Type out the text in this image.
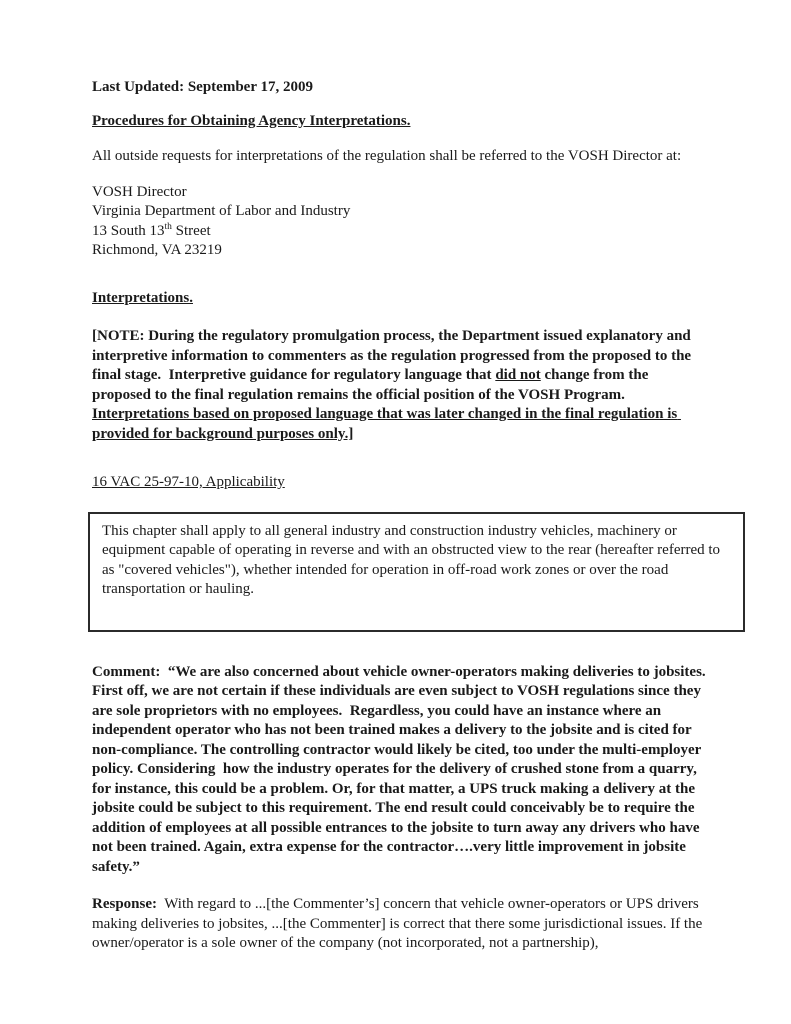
Last Updated: September 17, 2009

Procedures for Obtaining Agency Interpretations.

All outside requests for interpretations of the regulation shall be referred to the VOSH Director at:

VOSH Director
Virginia Department of Labor and Industry
13 South 13th Street
Richmond, VA 23219

Interpretations.

[NOTE: During the regulatory promulgation process, the Department issued explanatory and interpretive information to commenters as the regulation progressed from the proposed to the final stage.  Interpretive guidance for regulatory language that did not change from the proposed to the final regulation remains the official position of the VOSH Program.  Interpretations based on proposed language that was later changed in the final regulation is provided for background purposes only.]

16 VAC 25-97-10, Applicability

This chapter shall apply to all general industry and construction industry vehicles, machinery or equipment capable of operating in reverse and with an obstructed view to the rear (hereafter referred to as "covered vehicles"), whether intended for operation in off-road work zones or over the road transportation or hauling.

Comment:  “We are also concerned about vehicle owner-operators making deliveries to jobsites. First off, we are not certain if these individuals are even subject to VOSH regulations since they are sole proprietors with no employees.  Regardless, you could have an instance where an independent operator who has not been trained makes a delivery to the jobsite and is cited for non-compliance. The controlling contractor would likely be cited, too under the multi-employer policy. Considering  how the industry operates for the delivery of crushed stone from a quarry, for instance, this could be a problem. Or, for that matter, a UPS truck making a delivery at the jobsite could be subject to this requirement. The end result could conceivably be to require the addition of employees at all possible entrances to the jobsite to turn away any drivers who have not been trained. Again, extra expense for the contractor….very little improvement in jobsite safety.”

Response:  With regard to ...[the Commenter’s] concern that vehicle owner-operators or UPS drivers making deliveries to jobsites, ...[the Commenter] is correct that there some jurisdictional issues. If the owner/operator is a sole owner of the company (not incorporated, not a partnership),
